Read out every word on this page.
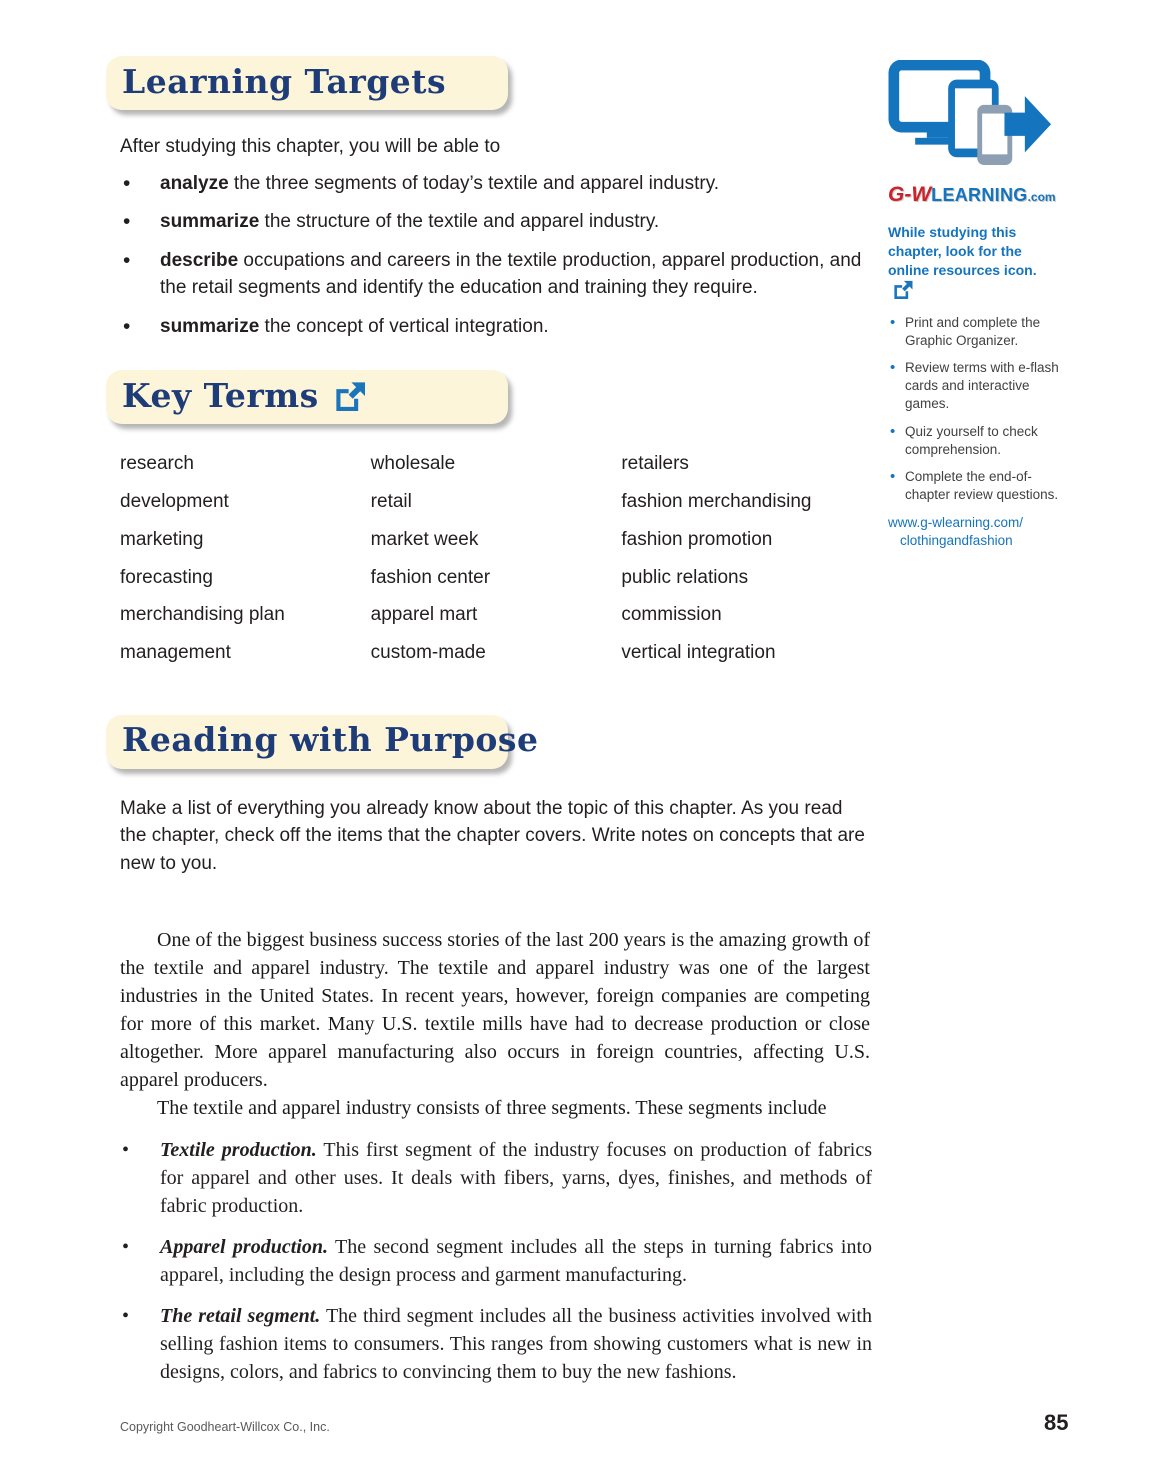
Learning Targets
After studying this chapter, you will be able to
• analyze the three segments of today’s textile and apparel industry.
• summarize the structure of the textile and apparel industry.
• describe occupations and careers in the textile production, apparel production, and the retail segments and identify the education and training they require.
• summarize the concept of vertical integration.
Key Terms
research
development
marketing
forecasting
merchandising plan
management
wholesale
retail
market week
fashion center
apparel mart
custom-made
retailers
fashion merchandising
fashion promotion
public relations
commission
vertical integration
Reading with Purpose
Make a list of everything you already know about the topic of this chapter. As you read the chapter, check off the items that the chapter covers. Write notes on concepts that are new to you.

One of the biggest business success stories of the last 200 years is the amazing growth of the textile and apparel industry. The textile and apparel industry was one of the largest industries in the United States. In recent years, however, foreign companies are competing for more of this market. Many U.S. textile mills have had to decrease production or close altogether. More apparel manufacturing also occurs in foreign countries, affecting U.S. apparel producers.

The textile and apparel industry consists of three segments. These segments include

• Textile production. This first segment of the industry focuses on production of fabrics for apparel and other uses. It deals with fibers, yarns, dyes, finishes, and methods of fabric production.
• Apparel production. The second segment includes all the steps in turning fabrics into apparel, including the design process and garment manufacturing.
• The retail segment. The third segment includes all the business activities involved with selling fashion items to consumers. This ranges from showing customers what is new in designs, colors, and fabrics to convincing them to buy the new fashions.
G-WLEARNING.com
While studying this chapter, look for the online resources icon.
• Print and complete the Graphic Organizer.
• Review terms with e-flash cards and interactive games.
• Quiz yourself to check comprehension.
• Complete the end-of-chapter review questions.
www.g-wlearning.com/
clothingandfashion
Copyright Goodheart-Willcox Co., Inc.	85
